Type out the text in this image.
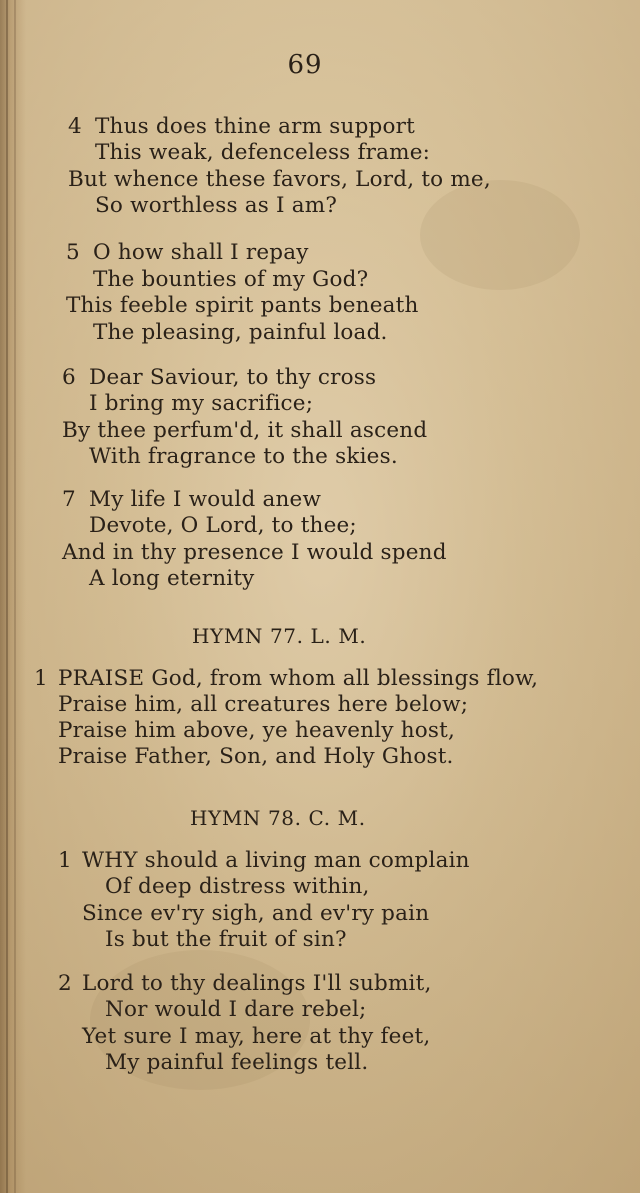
69
4 Thus does thine arm support
This weak, defenceless frame:
But whence these favors, Lord, to me,
So worthless as I am?
5 O how shall I repay
The bounties of my God?
This feeble spirit pants beneath
The pleasing, painful load.
6 Dear Saviour, to thy cross
I bring my sacrifice;
By thee perfum'd, it shall ascend
With fragrance to the skies.
7 My life I would anew
Devote, O Lord, to thee;
And in thy presence I would spend
A long eternity
HYMN 77. L. M.
1 PRAISE God, from whom all blessings flow,
Praise him, all creatures here below;
Praise him above, ye heavenly host,
Praise Father, Son, and Holy Ghost.
HYMN 78. C. M.
1 WHY should a living man complain
Of deep distress within,
Since ev'ry sigh, and ev'ry pain
Is but the fruit of sin?
2 Lord to thy dealings I'll submit,
Nor would I dare rebel;
Yet sure I may, here at thy feet,
My painful feelings tell.
